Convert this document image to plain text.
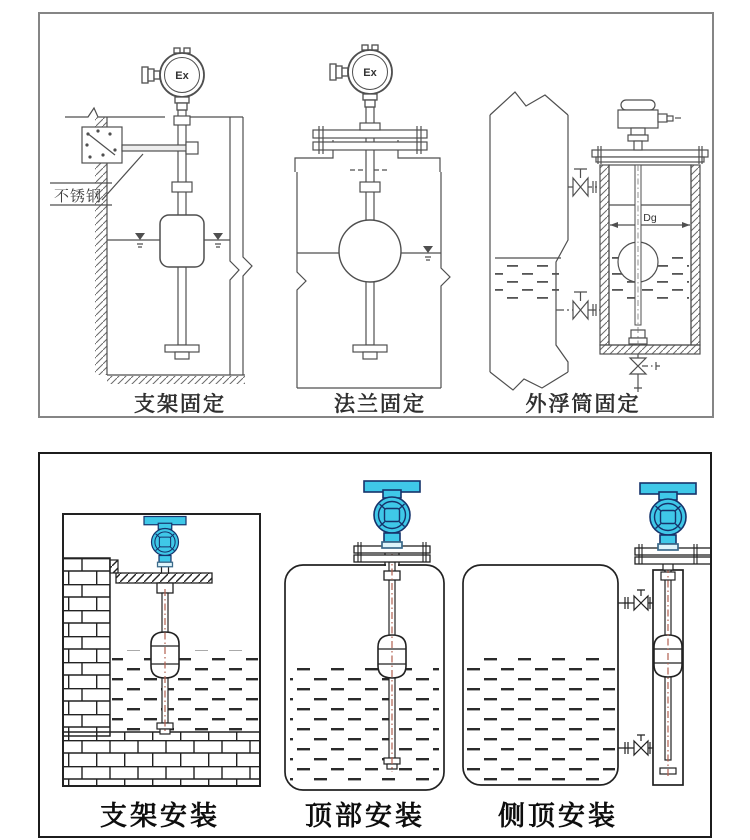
不锈钢
Ex	Ex
Dg
支架固定	法兰固定	外浮筒固定
支架安装	顶部安装	侧顶安装
